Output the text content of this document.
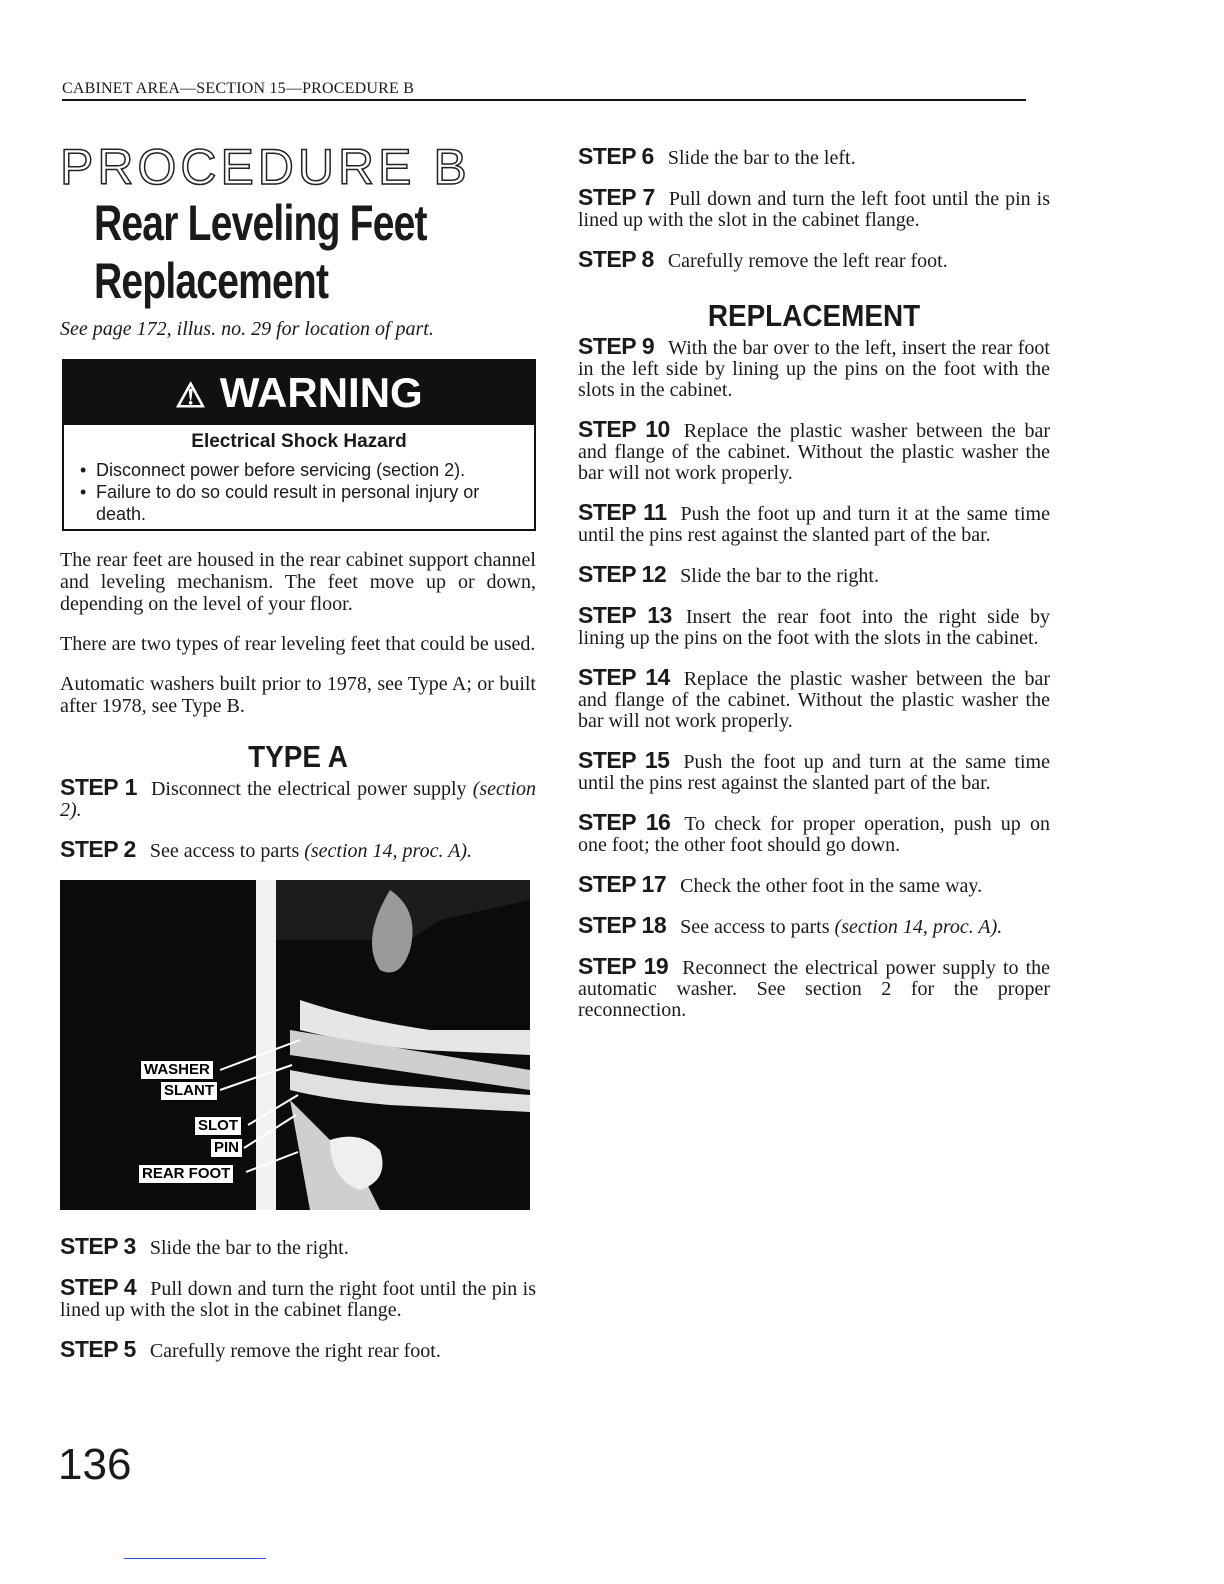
CABINET AREA—SECTION 15—PROCEDURE B
PROCEDURE B
Rear Leveling Feet
Replacement
See page 172, illus. no. 29 for location of part.
⚠ WARNING
Electrical Shock Hazard
• Disconnect power before servicing (section 2).
• Failure to do so could result in personal injury or death.

The rear feet are housed in the rear cabinet support channel and leveling mechanism. The feet move up or down, depending on the level of your floor.

There are two types of rear leveling feet that could be used.

Automatic washers built prior to 1978, see Type A; or built after 1978, see Type B.

TYPE A

STEP 1 Disconnect the electrical power supply (section 2).

STEP 2 See access to parts (section 14, proc. A).

WASHER
SLANT
SLOT
PIN
REAR FOOT

STEP 3 Slide the bar to the right.

STEP 4 Pull down and turn the right foot until the pin is lined up with the slot in the cabinet flange.

STEP 5 Carefully remove the right rear foot.

STEP 6 Slide the bar to the left.

STEP 7 Pull down and turn the left foot until the pin is lined up with the slot in the cabinet flange.

STEP 8 Carefully remove the left rear foot.

REPLACEMENT

STEP 9 With the bar over to the left, insert the rear foot in the left side by lining up the pins on the foot with the slots in the cabinet.

STEP 10 Replace the plastic washer between the bar and flange of the cabinet. Without the plastic washer the bar will not work properly.

STEP 11 Push the foot up and turn it at the same time until the pins rest against the slanted part of the bar.

STEP 12 Slide the bar to the right.

STEP 13 Insert the rear foot into the right side by lining up the pins on the foot with the slots in the cabinet.

STEP 14 Replace the plastic washer between the bar and flange of the cabinet. Without the plastic washer the bar will not work properly.

STEP 15 Push the foot up and turn at the same time until the pins rest against the slanted part of the bar.

STEP 16 To check for proper operation, push up on one foot; the other foot should go down.

STEP 17 Check the other foot in the same way.

STEP 18 See access to parts (section 14, proc. A).

STEP 19 Reconnect the electrical power supply to the automatic washer. See section 2 for the proper reconnection.

136
